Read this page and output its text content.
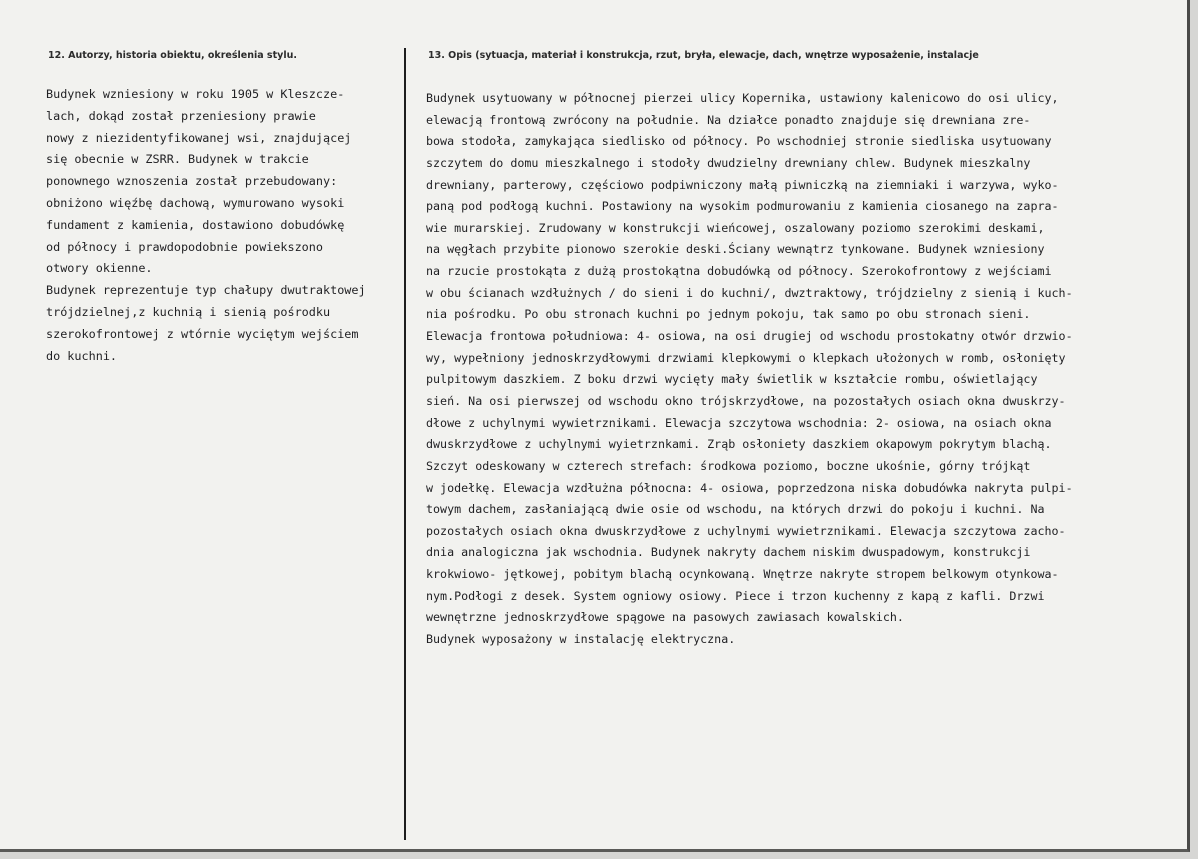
12. Autorzy, historia obiektu, określenia stylu.	13. Opis (sytuacja, materiał i konstrukcja, rzut, bryła, elewacje, dach, wnętrze wyposażenie, instalacje
Budynek wzniesiony w roku 1905 w Kleszcze-
lach, dokąd został przeniesiony prawie
nowy z niezidentyfikowanej wsi, znajdującej
się obecnie w ZSRR. Budynek w trakcie
ponownego wznoszenia został przebudowany:
obniżono więźbę dachową, wymurowano wysoki
fundament z kamienia, dostawiono dobudówkę
od północy i prawdopodobnie powiekszono
otwory okienne.
Budynek reprezentuje typ chałupy dwutraktowej
trójdzielnej,z kuchnią i sienią pośrodku
szerokofrontowej z wtórnie wyciętym wejściem
do kuchni.
Budynek usytuowany w północnej pierzei ulicy Kopernika, ustawiony kalenicowo do osi ulicy,
elewacją frontową zwrócony na południe. Na działce ponadto znajduje się drewniana zre-
bowa stodoła, zamykająca siedlisko od północy. Po wschodniej stronie siedliska usytuowany
szczytem do domu mieszkalnego i stodoły dwudzielny drewniany chlew. Budynek mieszkalny
drewniany, parterowy, częściowo podpiwniczony małą piwniczką na ziemniaki i warzywa, wyko-
paną pod podłogą kuchni. Postawiony na wysokim podmurowaniu z kamienia ciosanego na zapra-
wie murarskiej. Zrudowany w konstrukcji wieńcowej, oszalowany poziomo szerokimi deskami,
na węgłach przybite pionowo szerokie deski.Ściany wewnątrz tynkowane. Budynek wzniesiony
na rzucie prostokąta z dużą prostokątna dobudówką od północy. Szerokofrontowy z wejściami
w obu ścianach wzdłużnych / do sieni i do kuchni/, dwztraktowy, trójdzielny z sienią i kuch-
nia pośrodku. Po obu stronach kuchni po jednym pokoju, tak samo po obu stronach sieni.
Elewacja frontowa południowa: 4- osiowa, na osi drugiej od wschodu prostokatny otwór drzwio-
wy, wypełniony jednoskrzydłowymi drzwiami klepkowymi o klepkach ułożonych w romb, osłonięty
pulpitowym daszkiem. Z boku drzwi wycięty mały świetlik w kształcie rombu, oświetlający
sień. Na osi pierwszej od wschodu okno trójskrzydłowe, na pozostałych osiach okna dwuskrzy-
dłowe z uchylnymi wywietrznikami. Elewacja szczytowa wschodnia: 2- osiowa, na osiach okna
dwuskrzydłowe z uchylnymi wyietrznkami. Zrąb osłoniety daszkiem okapowym pokrytym blachą.
Szczyt odeskowany w czterech strefach: środkowa poziomo, boczne ukośnie, górny trójkąt
w jodełkę. Elewacja wzdłużna północna: 4- osiowa, poprzedzona niska dobudówka nakryta pulpi-
towym dachem, zasłaniającą dwie osie od wschodu, na których drzwi do pokoju i kuchni. Na
pozostałych osiach okna dwuskrzydłowe z uchylnymi wywietrznikami. Elewacja szczytowa zacho-
dnia analogiczna jak wschodnia. Budynek nakryty dachem niskim dwuspadowym, konstrukcji
krokwiowo- jętkowej, pobitym blachą ocynkowaną. Wnętrze nakryte stropem belkowym otynkowa-
nym.Podłogi z desek. System ogniowy osiowy. Piece i trzon kuchenny z kapą z kafli. Drzwi
wewnętrzne jednoskrzydłowe spągowe na pasowych zawiasach kowalskich.
Budynek wyposażony w instalację elektryczna.
